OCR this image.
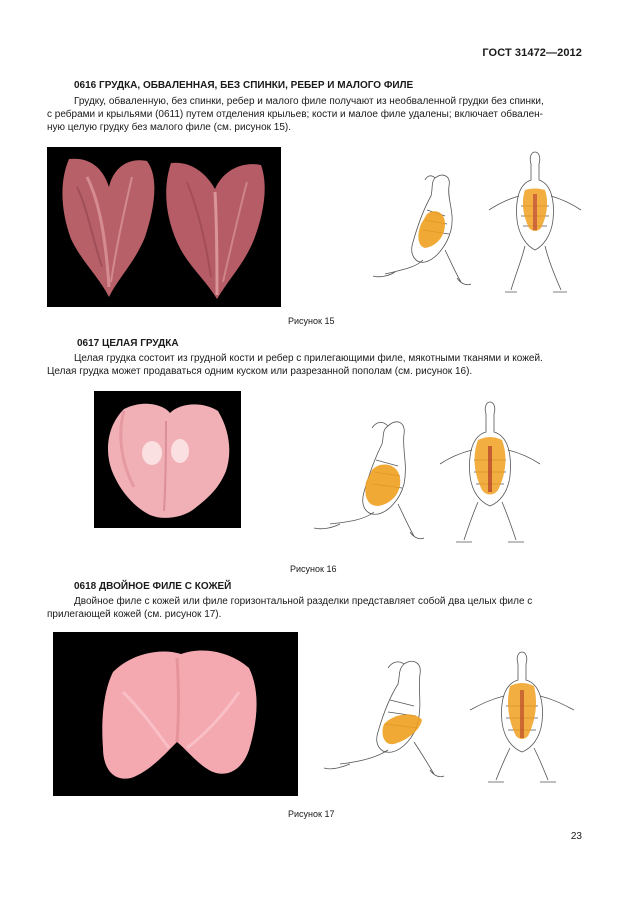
ГОСТ 31472—2012
0616 ГРУДКА, ОБВАЛЕННАЯ, БЕЗ СПИНКИ, РЕБЕР И МАЛОГО ФИЛЕ
Грудку, обваленную, без спинки, ребер и малого филе получают из необваленной грудки без спинки,
с ребрами и крыльями (0611) путем отделения крыльев; кости и малое филе удалены; включает обвален-
ную целую грудку без малого филе (см. рисунок 15).
Рисунок 15
0617 ЦЕЛАЯ ГРУДКА
Целая грудка состоит из грудной кости и ребер с прилегающими филе, мякотными тканями и кожей.
Целая грудка может продаваться одним куском или разрезанной пополам (см. рисунок 16).
Рисунок 16
0618 ДВОЙНОЕ ФИЛЕ С КОЖЕЙ
Двойное филе с кожей или филе горизонтальной разделки представляет собой два целых филе с
прилегающей кожей (см. рисунок 17).
Рисунок 17
23
